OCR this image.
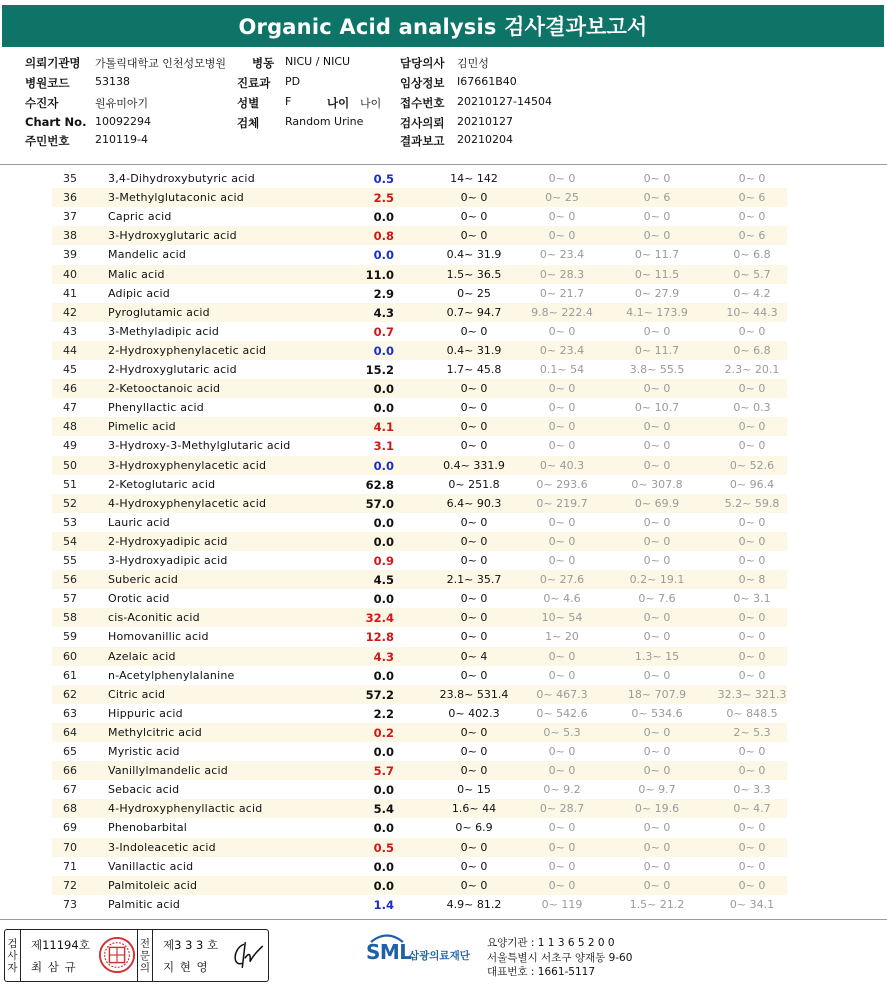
Organic Acid analysis 검사결과보고서
의뢰기관명 가톨릭대학교 인천성모병원 병동 NICU / NICU	담당의사 김민성
병원코드 53138	진료과 PD	임상정보 I67661B40
수진자	원유미아기	성별 F	나이 나이 접수번호 20210127-14504
Chart No. 10092294	검체 Random Urine	검사의뢰 20210127
주민번호 210119-4	결과보고 20210204
35	3,4-Dihydroxybutyric acid	0.5	14~ 142	0~ 0	0~ 0	0~ 0
36	3-Methylglutaconic acid	2.5	0~ 0	0~ 25	0~ 6	0~ 6
37	Capric acid	0.0	0~ 0	0~ 0	0~ 0	0~ 0
38	3-Hydroxyglutaric acid	0.8	0~ 0	0~ 0	0~ 0	0~ 6
39	Mandelic acid	0.0	0.4~ 31.9	0~ 23.4	0~ 11.7	0~ 6.8
40	Malic acid	11.0	1.5~ 36.5	0~ 28.3	0~ 11.5	0~ 5.7
41	Adipic acid	2.9	0~ 25	0~ 21.7	0~ 27.9	0~ 4.2
42	Pyroglutamic acid	4.3	0.7~ 94.7	9.8~ 222.4	4.1~ 173.9	10~ 44.3
43	3-Methyladipic acid	0.7	0~ 0	0~ 0	0~ 0	0~ 0
44	2-Hydroxyphenylacetic acid	0.0	0.4~ 31.9	0~ 23.4	0~ 11.7	0~ 6.8
45	2-Hydroxyglutaric acid	15.2	1.7~ 45.8	0.1~ 54	3.8~ 55.5	2.3~ 20.1
46	2-Ketooctanoic acid	0.0	0~ 0	0~ 0	0~ 0	0~ 0
47	Phenyllactic acid	0.0	0~ 0	0~ 0	0~ 10.7	0~ 0.3
48	Pimelic acid	4.1	0~ 0	0~ 0	0~ 0	0~ 0
49	3-Hydroxy-3-Methylglutaric acid	3.1	0~ 0	0~ 0	0~ 0	0~ 0
50	3-Hydroxyphenylacetic acid	0.0	0.4~ 331.9	0~ 40.3	0~ 0	0~ 52.6
51	2-Ketoglutaric acid	62.8	0~ 251.8	0~ 293.6	0~ 307.8	0~ 96.4
52	4-Hydroxyphenylacetic acid	57.0	6.4~ 90.3	0~ 219.7	0~ 69.9	5.2~ 59.8
53	Lauric acid	0.0	0~ 0	0~ 0	0~ 0	0~ 0
54	2-Hydroxyadipic acid	0.0	0~ 0	0~ 0	0~ 0	0~ 0
55	3-Hydroxyadipic acid	0.9	0~ 0	0~ 0	0~ 0	0~ 0
56	Suberic acid	4.5	2.1~ 35.7	0~ 27.6	0.2~ 19.1	0~ 8
57	Orotic acid	0.0	0~ 0	0~ 4.6	0~ 7.6	0~ 3.1
58	cis-Aconitic acid	32.4	0~ 0	10~ 54	0~ 0	0~ 0
59	Homovanillic acid	12.8	0~ 0	1~ 20	0~ 0	0~ 0
60	Azelaic acid	4.3	0~ 4	0~ 0	1.3~ 15	0~ 0
61	n-Acetylphenylalanine	0.0	0~ 0	0~ 0	0~ 0	0~ 0
62	Citric acid	57.2	23.8~ 531.4	0~ 467.3	18~ 707.9	32.3~ 321.3
63	Hippuric acid	2.2	0~ 402.3	0~ 542.6	0~ 534.6	0~ 848.5
64	Methylcitric acid	0.2	0~ 0	0~ 5.3	0~ 0	2~ 5.3
65	Myristic acid	0.0	0~ 0	0~ 0	0~ 0	0~ 0
66	Vanillylmandelic acid	5.7	0~ 0	0~ 0	0~ 0	0~ 0
67	Sebacic acid	0.0	0~ 15	0~ 9.2	0~ 9.7	0~ 3.3
68	4-Hydroxyphenyllactic acid	5.4	1.6~ 44	0~ 28.7	0~ 19.6	0~ 4.7
69	Phenobarbital	0.0	0~ 6.9	0~ 0	0~ 0	0~ 0
70	3-Indoleacetic acid	0.5	0~ 0	0~ 0	0~ 0	0~ 0
71	Vanillactic acid	0.0	0~ 0	0~ 0	0~ 0	0~ 0
72	Palmitoleic acid	0.0	0~ 0	0~ 0	0~ 0	0~ 0
73	Palmitic acid	1.4	4.9~ 81.2	0~ 119	1.5~ 21.2	0~ 34.1
검
사
자
제11194호
최 삼 규
전
문
의
제3 3 3 호
지 현 영
SML
삼광의료재단
요양기관 : 1 1 3 6 5 2 0 0
서울특별시 서초구 양재동 9-60
대표번호 : 1661-5117
